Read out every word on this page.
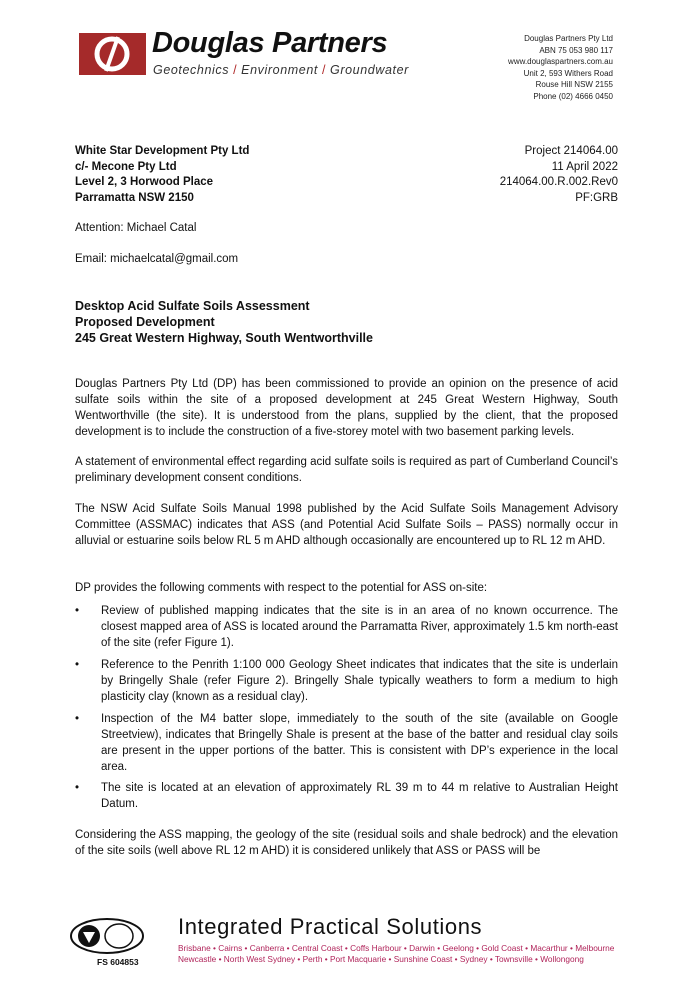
Douglas Partners
Geotechnics / Environment / Groundwater
Douglas Partners Pty Ltd
ABN 75 053 980 117
www.douglaspartners.com.au
Unit 2, 593 Withers Road
Rouse Hill NSW 2155
Phone (02) 4666 0450
White Star Development Pty Ltd
c/- Mecone Pty Ltd
Level 2, 3 Horwood Place
Parramatta NSW 2150
Project 214064.00
11 April 2022
214064.00.R.002.Rev0
PF:GRB
Attention: Michael Catal
Email: michaelcatal@gmail.com
Desktop Acid Sulfate Soils Assessment
Proposed Development
245 Great Western Highway, South Wentworthville
Douglas Partners Pty Ltd (DP) has been commissioned to provide an opinion on the presence of acid sulfate soils within the site of a proposed development at 245 Great Western Highway, South Wentworthville (the site). It is understood from the plans, supplied by the client, that the proposed development is to include the construction of a five-storey motel with two basement parking levels.
A statement of environmental effect regarding acid sulfate soils is required as part of Cumberland Council’s preliminary development consent conditions.
The NSW Acid Sulfate Soils Manual 1998 published by the Acid Sulfate Soils Management Advisory Committee (ASSMAC) indicates that ASS (and Potential Acid Sulfate Soils – PASS) normally occur in alluvial or estuarine soils below RL 5 m AHD although occasionally are encountered up to RL 12 m AHD.
DP provides the following comments with respect to the potential for ASS on-site:
• Review of published mapping indicates that the site is in an area of no known occurrence. The closest mapped area of ASS is located around the Parramatta River, approximately 1.5 km north-east of the site (refer Figure 1).
• Reference to the Penrith 1:100 000 Geology Sheet indicates that indicates that the site is underlain by Bringelly Shale (refer Figure 2). Bringelly Shale typically weathers to form a medium to high plasticity clay (known as a residual clay).
• Inspection of the M4 batter slope, immediately to the south of the site (available on Google Streetview), indicates that Bringelly Shale is present at the base of the batter and residual clay soils are present in the upper portions of the batter. This is consistent with DP’s experience in the local area.
• The site is located at an elevation of approximately RL 39 m to 44 m relative to Australian Height Datum.
Considering the ASS mapping, the geology of the site (residual soils and shale bedrock) and the elevation of the site soils (well above RL 12 m AHD) it is considered unlikely that ASS or PASS will be
FS 604853
Integrated Practical Solutions
Brisbane • Cairns • Canberra • Central Coast • Coffs Harbour • Darwin • Geelong • Gold Coast • Macarthur • Melbourne
Newcastle • North West Sydney • Perth • Port Macquarie • Sunshine Coast • Sydney • Townsville • Wollongong
